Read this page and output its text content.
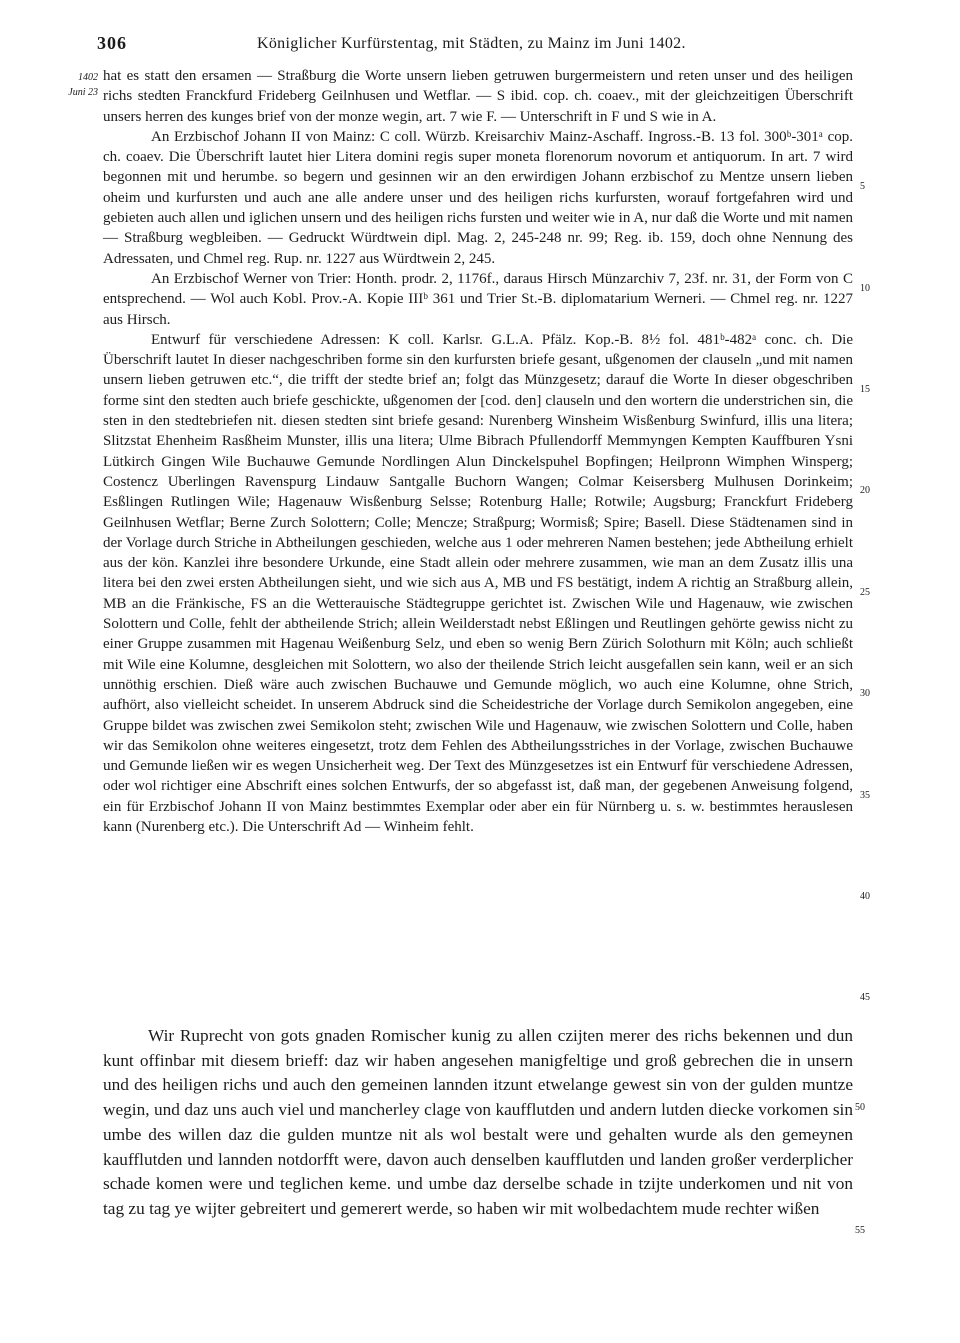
306	Königlicher Kurfürstentag, mit Städten, zu Mainz im Juni 1402.
1402
Juni 23

hat es statt den ersamen — Straßburg die Worte unsern lieben getruwen burgermeistern und reten unser und des heiligen richs stedten Franckfurd Frideberg Geilnhusen und Wetflar. — S ibid. cop. ch. coaev., mit der gleichzeitigen Überschrift unsers herren des kunges brief von der monze wegin, art. 7 wie F. — Unterschrift in F und S wie in A.

An Erzbischof Johann II von Mainz: C coll. Würzb. Kreisarchiv Mainz-Aschaff. Ingross.-B. 13 fol. 300ᵇ-301ᵃ cop. ch. coaev. Die Überschrift lautet hier Litera domini regis super moneta florenorum novorum et antiquorum. In art. 7 wird begonnen mit und herumbe. so begern und gesinnen wir an den erwirdigen Johann erzbischof zu Mentze unsern lieben oheim und kurfursten und auch ane alle andere unser und des heiligen richs kurfursten, worauf fortgefahren wird und gebieten auch allen und iglichen unsern und des heiligen richs fursten und weiter wie in A, nur daß die Worte und mit namen — Straßburg wegbleiben. — Gedruckt Würdtwein dipl. Mag. 2, 245-248 nr. 99; Reg. ib. 159, doch ohne Nennung des Adressaten, und Chmel reg. Rup. nr. 1227 aus Würdtwein 2, 245.

An Erzbischof Werner von Trier: Honth. prodr. 2, 1176f., daraus Hirsch Münzarchiv 7, 23f. nr. 31, der Form von C entsprechend. — Wol auch Kobl. Prov.-A. Kopie IIIᵇ 361 und Trier St.-B. diplomatarium Werneri. — Chmel reg. nr. 1227 aus Hirsch.

Entwurf für verschiedene Adressen: K coll. Karlsr. G.L.A. Pfälz. Kop.-B. 8½ fol. 481ᵇ-482ᵃ conc. ch. Die Überschrift lautet In dieser nachgeschriben forme sin den kurfursten briefe gesant, ußgenomen der clauseln „und mit namen unsern lieben getruwen etc.“, die trifft der stedte brief an; folgt das Münzgesetz; darauf die Worte In dieser obgeschriben forme sint den stedten auch briefe geschickte, ußgenomen der [cod. den] clauseln und den wortern die understrichen sin, die sten in den stedtebriefen nit. diesen stedten sint briefe gesand: Nurenberg Winsheim Wisßenburg Swinfurd, illis una litera; Slitzstat Ehenheim Rasßheim Munster, illis una litera; Ulme Bibrach Pfullendorff Memmyngen Kempten Kauffburen Ysni Lütkirch Gingen Wile Buchauwe Gemunde Nordlingen Alun Dinckelspuhel Bopfingen; Heilpronn Wimphen Winsperg; Costencz Uberlingen Ravenspurg Lindauw Santgalle Buchorn Wangen; Colmar Keisersberg Mulhusen Dorinkeim; Esßlingen Rutlingen Wile; Hagenauw Wisßenburg Selsse; Rotenburg Halle; Rotwile; Augsburg; Franckfurt Frideberg Geilnhusen Wetflar; Berne Zurch Solottern; Colle; Mencze; Straßpurg; Wormisß; Spire; Basell. Diese Städtenamen sind in der Vorlage durch Striche in Abtheilungen geschieden, welche aus 1 oder mehreren Namen bestehen; jede Abtheilung erhielt aus der kön. Kanzlei ihre besondere Urkunde, eine Stadt allein oder mehrere zusammen, wie man an dem Zusatz illis una litera bei den zwei ersten Abtheilungen sieht, und wie sich aus A, MB und FS bestätigt, indem A richtig an Straßburg allein, MB an die Fränkische, FS an die Wetterauische Städtegruppe gerichtet ist. Zwischen Wile und Hagenauw, wie zwischen Solottern und Colle, fehlt der abtheilende Strich; allein Weilderstadt nebst Eßlingen und Reutlingen gehörte gewiss nicht zu einer Gruppe zusammen mit Hagenau Weißenburg Selz, und eben so wenig Bern Zürich Solothurn mit Köln; auch schließt mit Wile eine Kolumne, desgleichen mit Solottern, wo also der theilende Strich leicht ausgefallen sein kann, weil er an sich unnöthig erschien. Dieß wäre auch zwischen Buchauwe und Gemunde möglich, wo auch eine Kolumne, ohne Strich, aufhört, also vielleicht scheidet. In unserem Abdruck sind die Scheidestriche der Vorlage durch Semikolon angegeben, eine Gruppe bildet was zwischen zwei Semikolon steht; zwischen Wile und Hagenauw, wie zwischen Solottern und Colle, haben wir das Semikolon ohne weiteres eingesetzt, trotz dem Fehlen des Abtheilungsstriches in der Vorlage, zwischen Buchauwe und Gemunde ließen wir es wegen Unsicherheit weg. Der Text des Münzgesetzes ist ein Entwurf für verschiedene Adressen, oder wol richtiger eine Abschrift eines solchen Entwurfs, der so abgefasst ist, daß man, der gegebenen Anweisung folgend, ein für Erzbischof Johann II von Mainz bestimmtes Exemplar oder aber ein für Nürnberg u. s. w. bestimmtes herauslesen kann (Nurenberg etc.). Die Unterschrift Ad — Winheim fehlt.

5
10
15
20
25
30
35
40
45

Wir Ruprecht von gots gnaden Romischer kunig zu allen czijten merer des richs bekennen und dun kunt offinbar mit diesem brieff: daz wir haben angesehen manigfeltige und groß gebrechen die in unsern und des heiligen richs und auch den gemeinen lannden itzunt etwelange gewest sin von der gulden muntze wegin, und daz uns auch viel und mancherley clage von kaufflutden und andern lutden diecke vorkomen sin umbe des willen daz die gulden muntze nit als wol bestalt were und gehalten wurde als den gemeynen kaufflutden und lannden notdorfft were, davon auch denselben kaufflutden und landen großer verderplicher schade komen were und teglichen keme. und umbe daz derselbe schade in tzijte underkomen und nit von tag zu tag ye wijter gebreitert und gemerert werde, so haben wir mit wolbedachtem mude rechter wißen

50
55
